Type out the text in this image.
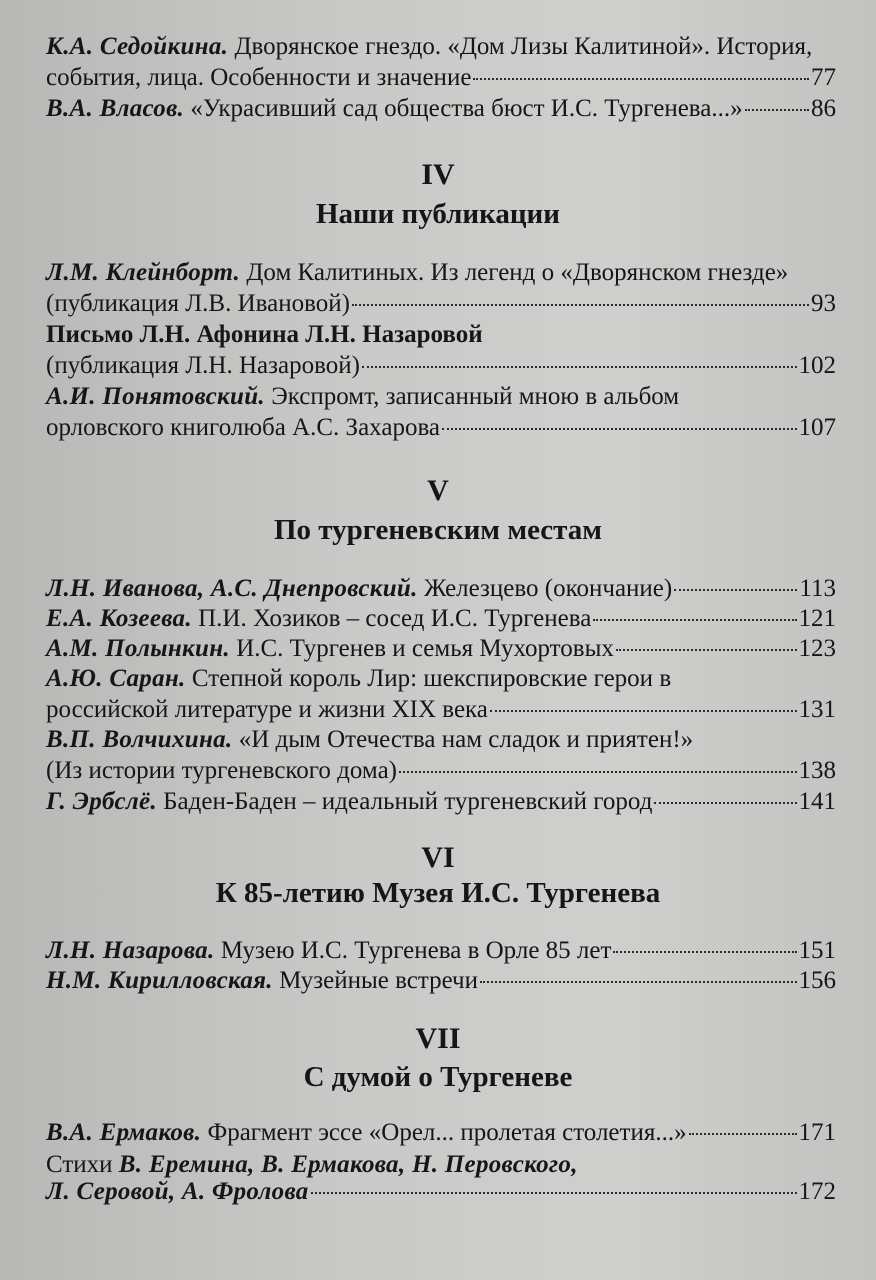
К.А. Седойкина. Дворянское гнездо. «Дом Лизы Калитиной». История,
события, лица. Особенности и значение	77
В.А. Власов. «Украсивший сад общества бюст И.С. Тургенева...»	86
IV
Наши публикации
Л.М. Клейнборт. Дом Калитиных. Из легенд о «Дворянском гнезде»
(публикация Л.В. Ивановой)	93
Письмо Л.Н. Афонина Л.Н. Назаровой
(публикация Л.Н. Назаровой)	102
А.И. Понятовский. Экспромт, записанный мною в альбом
орловского книголюба А.С. Захарова	107
V
По тургеневским местам
Л.Н. Иванова, А.С. Днепровский. Железцево (окончание)	113
Е.А. Козеева. П.И. Хозиков – сосед И.С. Тургенева	121
А.М. Полынкин. И.С. Тургенев и семья Мухортовых	123
А.Ю. Саран. Степной король Лир: шекспировские герои в
российской литературе и жизни XIX века	131
В.П. Волчихина. «И дым Отечества нам сладок и приятен!»
(Из истории тургеневского дома)	138
Г. Эрбслё. Баден-Баден – идеальный тургеневский город	141
VI
К 85-летию Музея И.С. Тургенева
Л.Н. Назарова. Музею И.С. Тургенева в Орле 85 лет	151
Н.М. Кирилловская. Музейные встречи	156
VII
С думой о Тургеневе
В.А. Ермаков. Фрагмент эссе «Орел... пролетая столетия...»	171
Стихи В. Еремина, В. Ермакова, Н. Перовского,
Л. Серовой, А. Фролова	172
